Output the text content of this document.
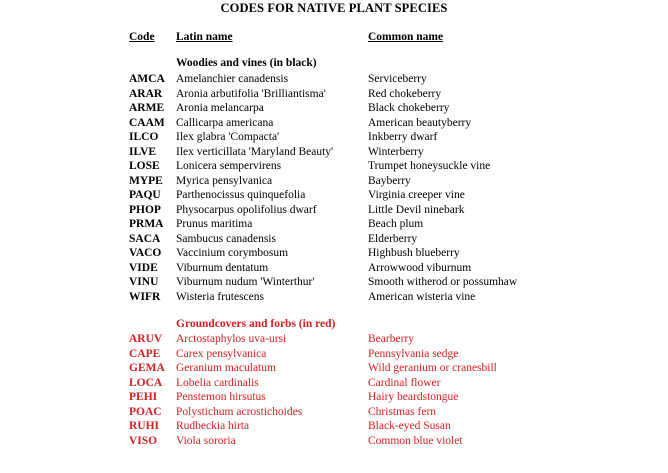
CODES FOR NATIVE PLANT SPECIES
Code Latin name	Common name
Woodies and vines (in black)
AMCA Amelanchier canadensis	Serviceberry
ARAR Aronia arbutifolia 'Brilliantisma'	Red chokeberry
ARME Aronia melancarpa	Black chokeberry
CAAM Callicarpa americana	American beautyberry
ILCO Ilex glabra 'Compacta'	Inkberry dwarf
ILVE Ilex verticillata 'Maryland Beauty'	Winterberry
LOSE Lonicera sempervirens	Trumpet honeysuckle vine
MYPE Myrica pensylvanica	Bayberry
PAQU Parthenocissus quinquefolia	Virginia creeper vine
PHOP Physocarpus opolifolius dwarf	Little Devil ninebark
PRMA Prunus maritima	Beach plum
SACA Sambucus canadensis	Elderberry
VACO Vaccinium corymbosum	Highbush blueberry
VIDE Viburnum dentatum	Arrowwood viburnum
VINU Viburnum nudum 'Winterthur'	Smooth witherod or possumhaw
WIFR Wisteria frutescens	American wisteria vine
Groundcovers and forbs (in red)
ARUV Arctostaphylos uva-ursi	Bearberry
CAPE Carex pensylvanica	Pennsylvania sedge
GEMA Geranium maculatum	Wild geranium or cranesbill
LOCA Lobelia cardinalis	Cardinal flower
PEHI Penstemon hirsutus	Hairy beardstongue
POAC Polystichum acrostichoides	Christmas fern
RUHI Rudbeckia hirta	Black-eyed Susan
VISO Viola sororia	Common blue violet
